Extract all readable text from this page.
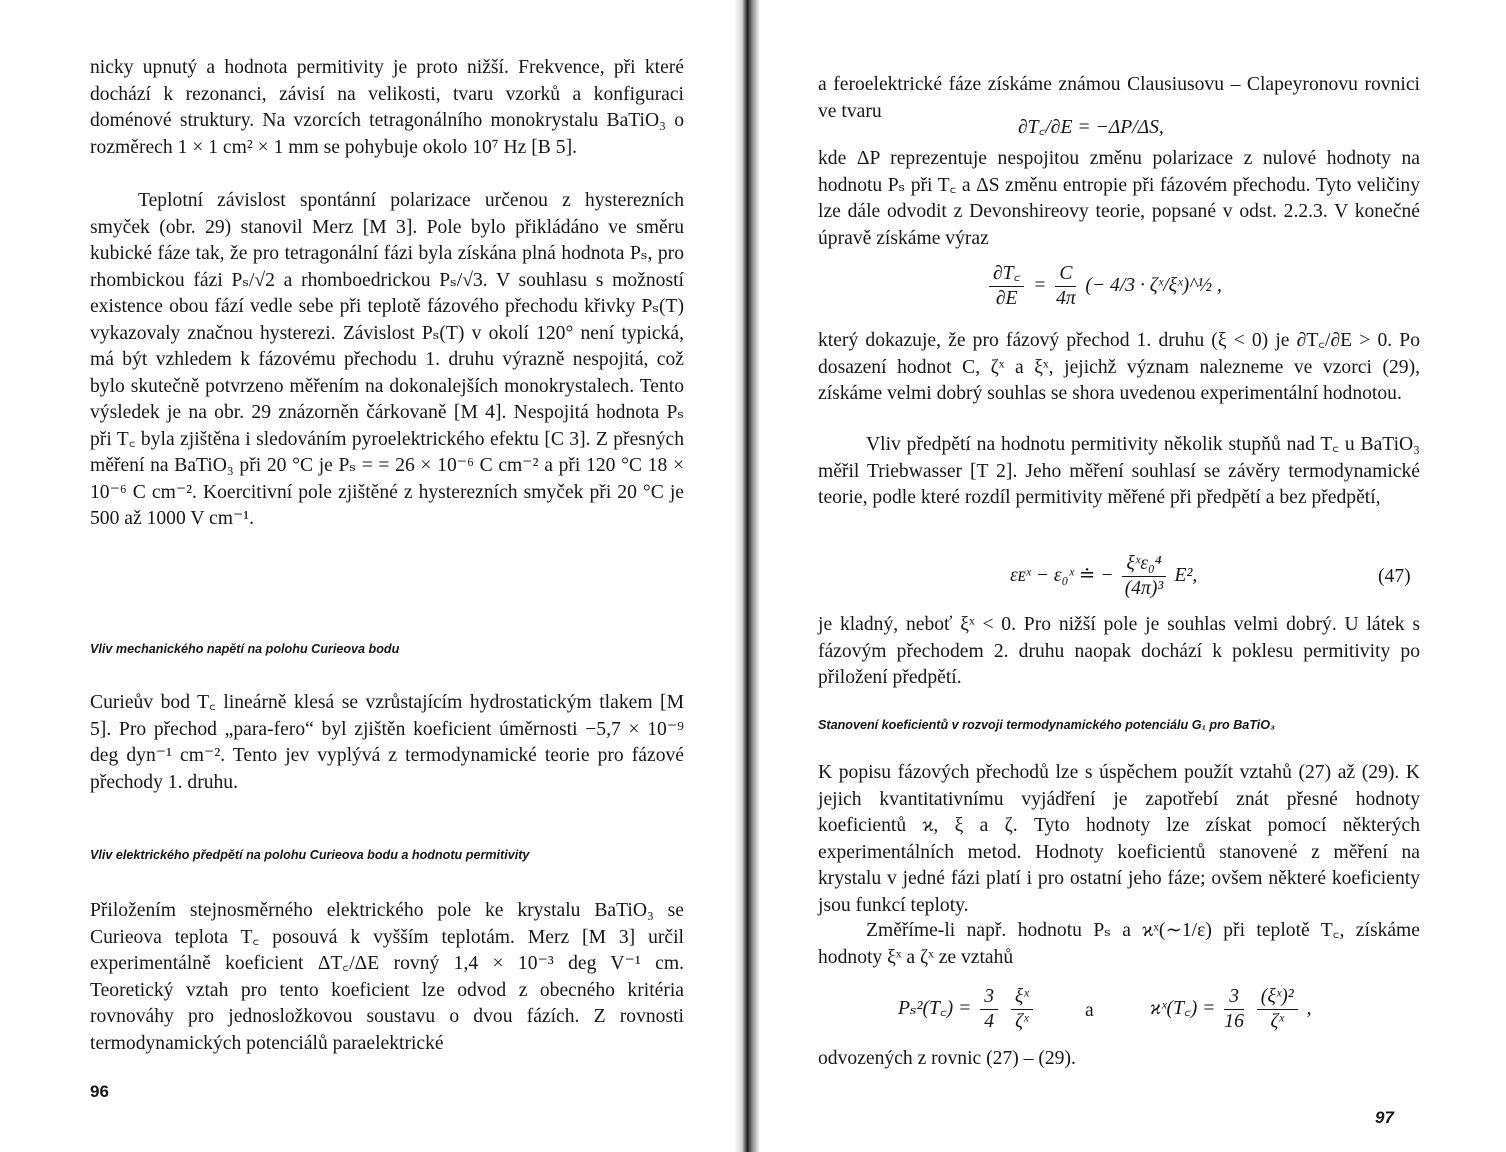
nicky upnutý a hodnota permitivity je proto nižší. Frekvence, při které dochází k rezonanci, závisí na velikosti, tvaru vzorků a konfiguraci doménové struktury. Na vzorcích tetragonálního monokrystalu BaTiO₃ o rozměrech 1 × 1 cm² × 1 mm se pohybuje okolo 10⁷ Hz [B 5].
Teplotní závislost spontánní polarizace určenou z hysterezních smyček (obr. 29) stanovil Merz [M 3]. Pole bylo přikládáno ve směru kubické fáze tak, že pro tetragonální fázi byla získána plná hodnota Pₛ, pro rhombickou fázi Pₛ/√2 a rhomboedrickou Pₛ/√3. V souhlasu s možností existence obou fází vedle sebe při teplotě fázového přechodu křivky Pₛ(T) vykazovaly značnou hysterezi. Závislost Pₛ(T) v okolí 120° není typická, má být vzhledem k fázovému přechodu 1. druhu výrazně nespojitá, což bylo skutečně potvrzeno měřením na dokonalejších monokrystalech. Tento výsledek je na obr. 29 znázorněn čárkovaně [M 4]. Nespojitá hodnota Pₛ při T꜀ byla zjištěna i sledováním pyroelektrického efektu [C 3]. Z přesných měření na BaTiO₃ při 20 °C je Pₛ = = 26 × 10⁻⁶ C cm⁻² a při 120 °C 18 × 10⁻⁶ C cm⁻². Koercitivní pole zjištěné z hysterezních smyček při 20 °C je 500 až 1000 V cm⁻¹.
Vliv mechanického napětí na polohu Curieova bodu
Curieův bod T꜀ lineárně klesá se vzrůstajícím hydrostatickým tlakem [M 5]. Pro přechod „para-fero“ byl zjištěn koeficient úměrnosti −5,7 × 10⁻⁹ deg dyn⁻¹ cm⁻². Tento jev vyplývá z termodynamické teorie pro fázové přechody 1. druhu.
Vliv elektrického předpětí na polohu Curieova bodu a hodnotu permitivity
Přiložením stejnosměrného elektrického pole ke krystalu BaTiO₃ se Curieova teplota T꜀ posouvá k vyšším teplotám. Merz [M 3] určil experimentálně koeficient ΔT꜀/ΔE rovný 1,4 × 10⁻³ deg V⁻¹ cm. Teoretický vztah pro tento koeficient lze odvod z obecného kritéria rovnováhy pro jednosložkovou soustavu o dvou fázích. Z rovnosti termodynamických potenciálů paraelektrické
96
a feroelektrické fáze získáme známou Clausiusovu – Clapeyronovu rovnici ve tvaru
∂T꜀/∂E = −ΔP/ΔS,
kde ΔP reprezentuje nespojitou změnu polarizace z nulové hodnoty na hodnotu Pₛ při T꜀ a ΔS změnu entropie při fázovém přechodu. Tyto veličiny lze dále odvodit z Devonshireovy teorie, popsané v odst. 2.2.3. V konečné úpravě získáme výraz
$\frac{\partial T꜀}{\partial E} = \frac{C}{4\pi}$ (− 4/3 · ζˣ/ξˣ)^½ ,
který dokazuje, že pro fázový přechod 1. druhu (ξ < 0) je ∂T꜀/∂E > 0. Po dosazení hodnot C, ζˣ a ξˣ, jejichž význam nalezneme ve vzorci (29), získáme velmi dobrý souhlas se shora uvedenou experimentální hodnotou.
Vliv předpětí na hodnotu permitivity několik stupňů nad T꜀ u BaTiO₃ měřil Triebwasser [T 2]. Jeho měření souhlasí se závěry termodynamické teorie, podle které rozdíl permitivity měřené při předpětí a bez předpětí,
εᴇˣ − ε₀ˣ ≐ − $\frac{\text{ξˣε₀⁴}}{\text{(4π)³}} E^2$,	(47)
je kladný, neboť ξˣ < 0. Pro nižší pole je souhlas velmi dobrý. U látek s fázovým přechodem 2. druhu naopak dochází k poklesu permitivity po přiložení předpětí.
Stanovení koeficientů v rozvoji termodynamického potenciálu G₁ pro BaTiO₃
K popisu fázových přechodů lze s úspěchem použít vztahů (27) až (29). K jejich kvantitativnímu vyjádření je zapotřebí znát přesné hodnoty koeficientů ϰ, ξ a ζ. Tyto hodnoty lze získat pomocí některých experimentálních metod. Hodnoty koeficientů stanovené z měření na krystalu v jedné fázi platí i pro ostatní jeho fáze; ovšem některé koeficienty jsou funkcí teploty.
Změříme-li např. hodnotu Pₛ a ϰˣ(∼1/ε) při teplotě T꜀, získáme hodnoty ξˣ a ζˣ ze vztahů
Pₛ²(T꜀) = $\frac{3}{4}$
$\frac{\text{ξˣ}}{\text{ζˣ}}$	a	ϰˣ(T꜀) = $\frac{3}{16}$
$\frac{\text{(ξˣ)²}}{\text{ζˣ}}$ ,
odvozených z rovnic (27) – (29).
97
